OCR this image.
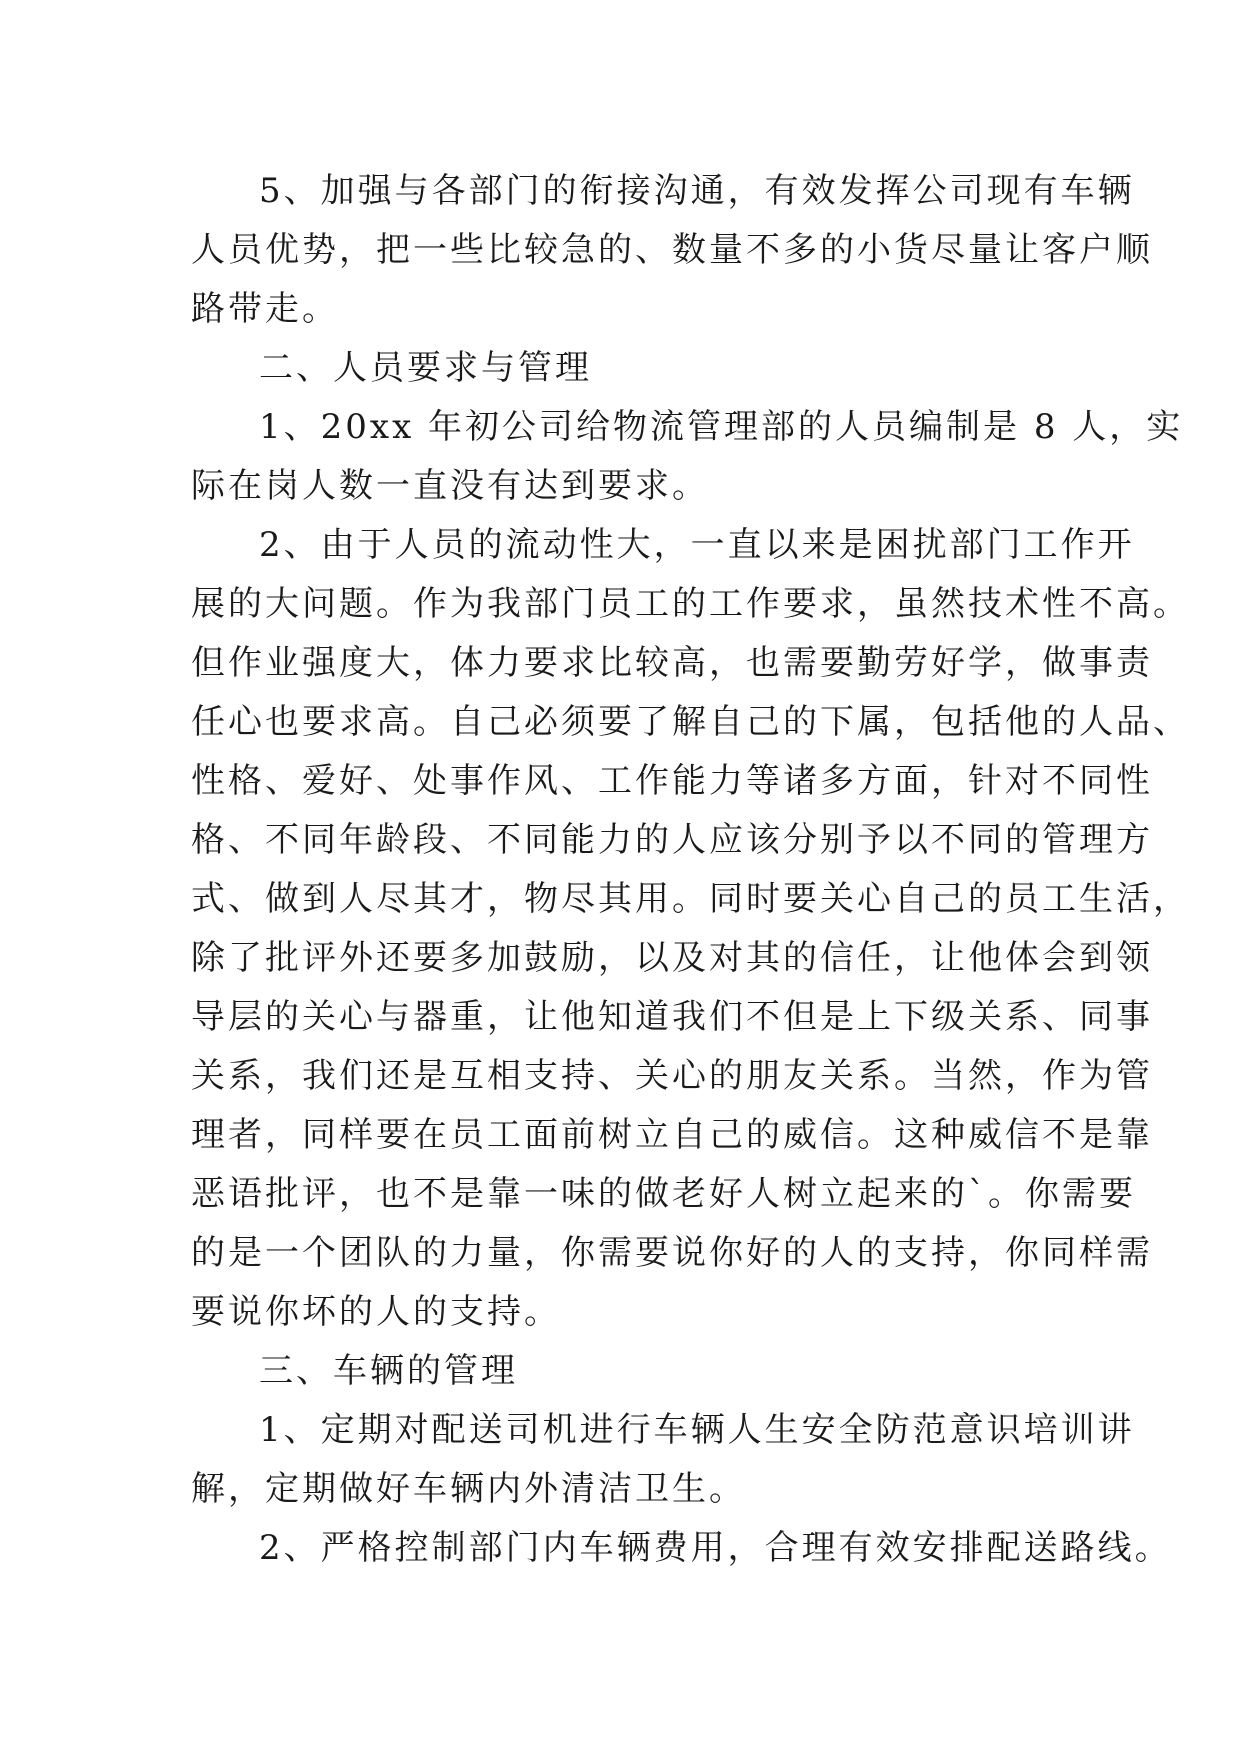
5、加强与各部门的衔接沟通，有效发挥公司现有车辆
人员优势，把一些比较急的、数量不多的小货尽量让客户顺
路带走。
二、人员要求与管理
1、20xx 年初公司给物流管理部的人员编制是 8 人，实
际在岗人数一直没有达到要求。
2、由于人员的流动性大，一直以来是困扰部门工作开
展的大问题。作为我部门员工的工作要求，虽然技术性不高。
但作业强度大，体力要求比较高，也需要勤劳好学，做事责
任心也要求高。自己必须要了解自己的下属，包括他的人品、
性格、爱好、处事作风、工作能力等诸多方面，针对不同性
格、不同年龄段、不同能力的人应该分别予以不同的管理方
式、做到人尽其才，物尽其用。同时要关心自己的员工生活，
除了批评外还要多加鼓励，以及对其的信任，让他体会到领
导层的关心与器重，让他知道我们不但是上下级关系、同事
关系，我们还是互相支持、关心的朋友关系。当然，作为管
理者，同样要在员工面前树立自己的威信。这种威信不是靠
恶语批评，也不是靠一味的做老好人树立起来的`。你需要
的是一个团队的力量，你需要说你好的人的支持，你同样需
要说你坏的人的支持。
三、车辆的管理
1、定期对配送司机进行车辆人生安全防范意识培训讲
解，定期做好车辆内外清洁卫生。
2、严格控制部门内车辆费用，合理有效安排配送路线。
